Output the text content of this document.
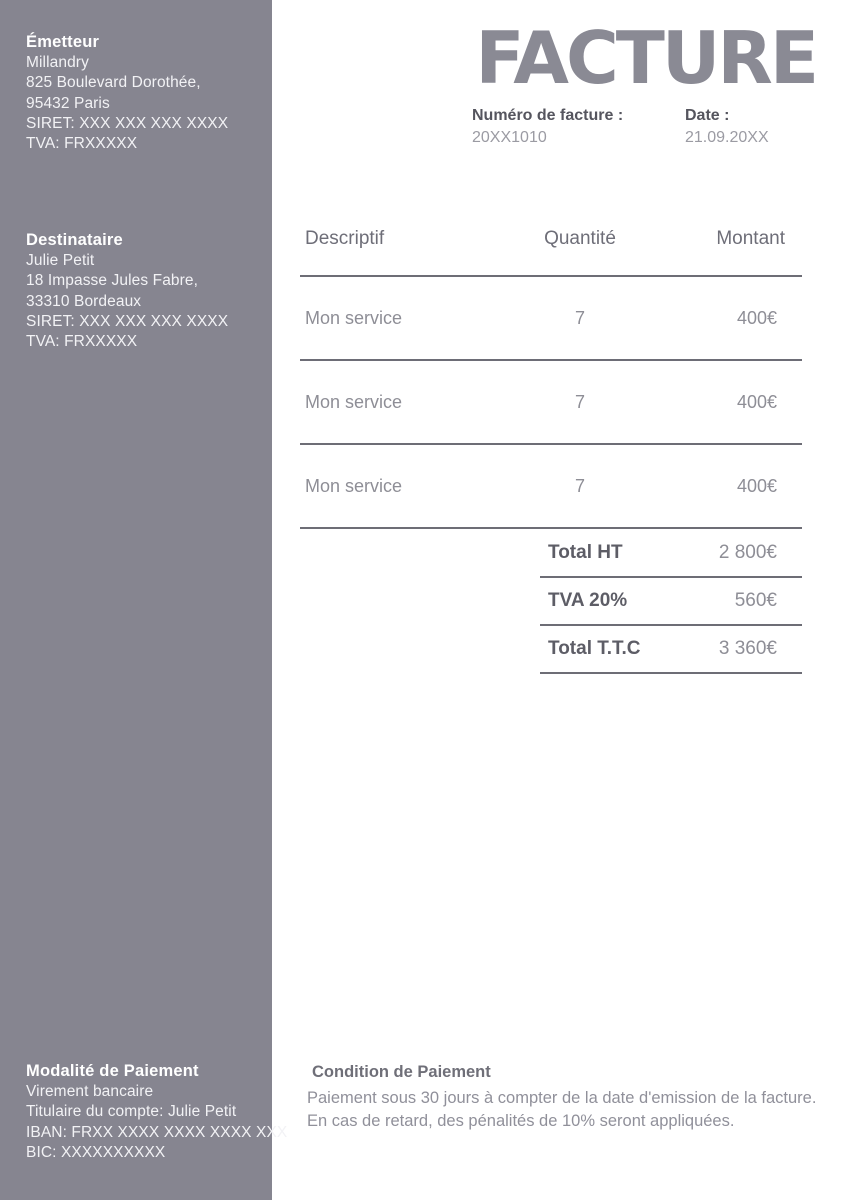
Émetteur
Millandry
825 Boulevard Dorothée,
95432 Paris
SIRET: XXX XXX XXX XXXX
TVA: FRXXXXX
Destinataire
Julie Petit
18 Impasse Jules Fabre,
33310 Bordeaux
SIRET: XXX XXX XXX XXXX
TVA: FRXXXXX
Modalité de Paiement
Virement bancaire
Titulaire du compte: Julie Petit
IBAN: FRXX XXXX XXXX XXXX XXX
BIC: XXXXXXXXXX
FACTURE
Numéro de facture :
20XX1010
Date :
21.09.20XX
Descriptif	Quantité	Montant
Mon service	7	400€
Mon service	7	400€
Mon service	7	400€
Total HT	2 800€
TVA 20%	560€
Total T.T.C	3 360€
Condition de Paiement
Paiement sous 30 jours à compter de la date d'emission de la facture.
En cas de retard, des pénalités de 10% seront appliquées.
